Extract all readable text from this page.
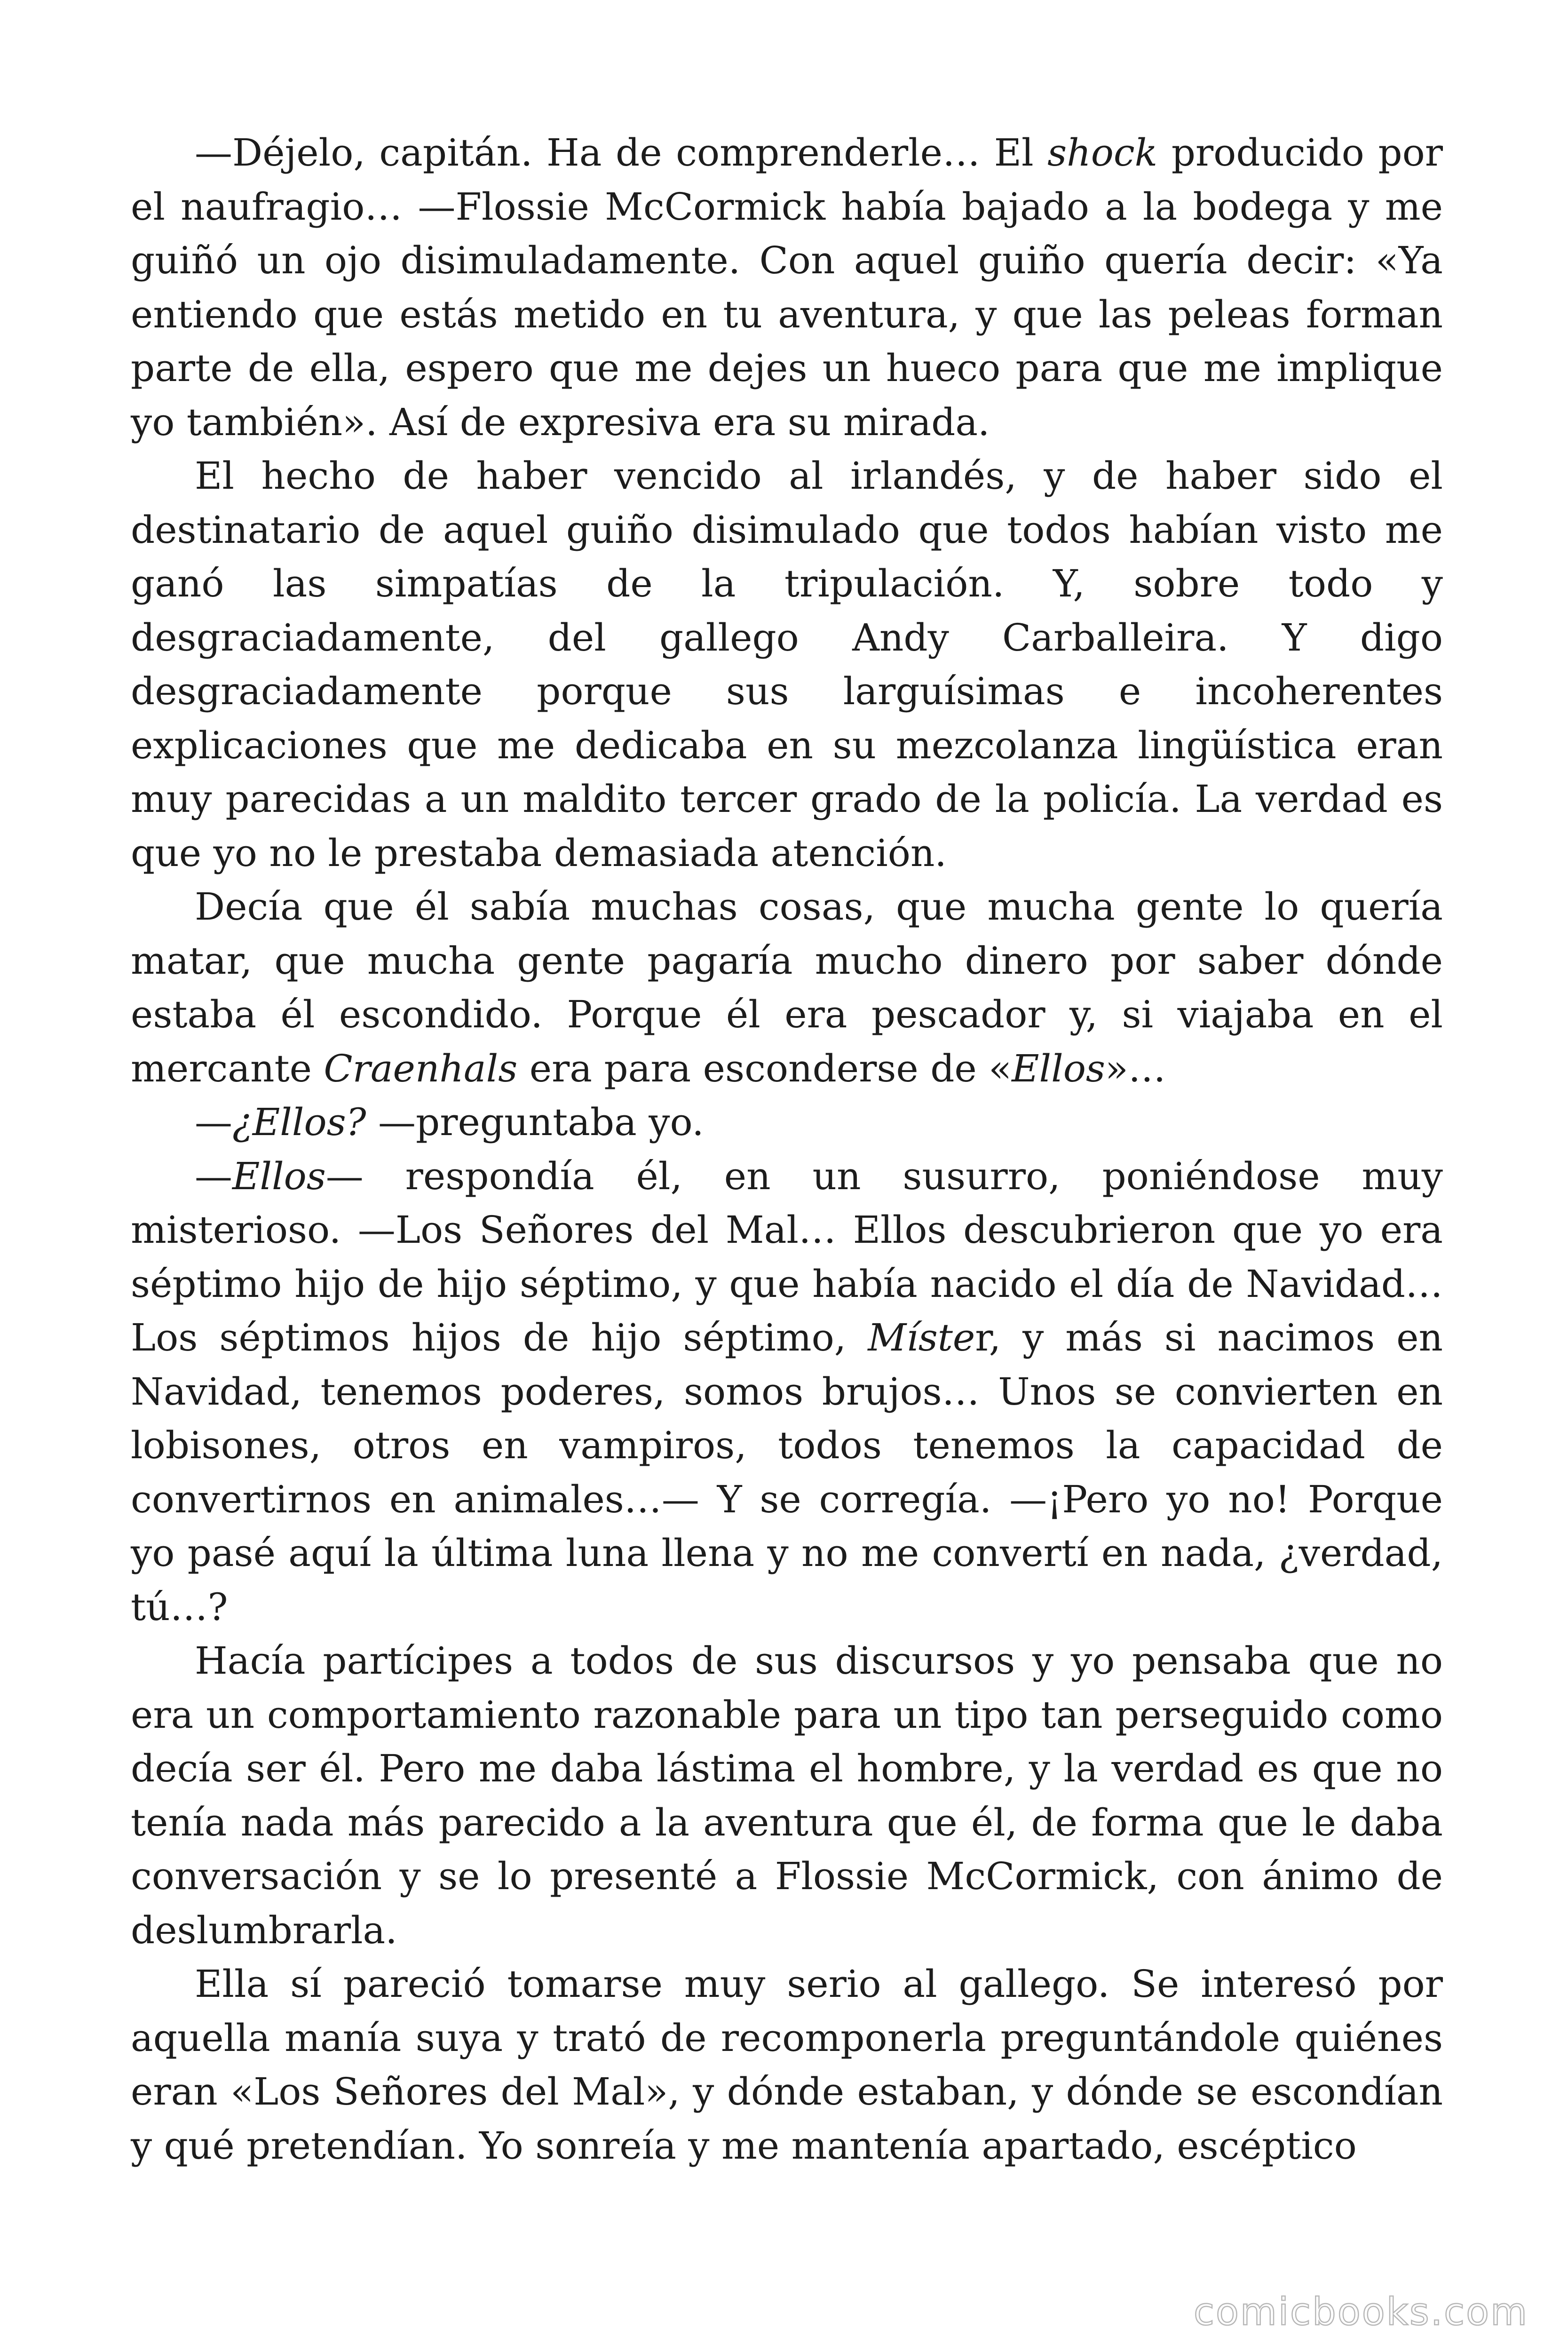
—Déjelo, capitán. Ha de comprenderle… El shock producido por el naufragio… —Flossie McCormick había bajado a la bodega y me guiñó un ojo disimuladamente. Con aquel guiño quería decir: «Ya entiendo que estás metido en tu aventura, y que las peleas forman parte de ella, espero que me dejes un hueco para que me implique yo también». Así de expresiva era su mirada.

El hecho de haber vencido al irlandés, y de haber sido el destinatario de aquel guiño disimulado que todos habían visto me ganó las simpatías de la tripulación. Y, sobre todo y desgraciadamente, del gallego Andy Carballeira. Y digo desgraciadamente porque sus larguísimas e incoherentes explicaciones que me dedicaba en su mezcolanza lingüística eran muy parecidas a un maldito tercer grado de la policía. La verdad es que yo no le prestaba demasiada atención.

Decía que él sabía muchas cosas, que mucha gente lo quería matar, que mucha gente pagaría mucho dinero por saber dónde estaba él escondido. Porque él era pescador y, si viajaba en el mercante Craenhals era para esconderse de «Ellos»…

—¿Ellos? —preguntaba yo.

—Ellos— respondía él, en un susurro, poniéndose muy misterioso. —Los Señores del Mal… Ellos descubrieron que yo era séptimo hijo de hijo séptimo, y que había nacido el día de Navidad… Los séptimos hijos de hijo séptimo, Míster, y más si nacimos en Navidad, tenemos poderes, somos brujos… Unos se convierten en lobisones, otros en vampiros, todos tenemos la capacidad de convertirnos en animales…— Y se corregía. —¡Pero yo no! Porque yo pasé aquí la última luna llena y no me convertí en nada, ¿verdad, tú…?

Hacía partícipes a todos de sus discursos y yo pensaba que no era un comportamiento razonable para un tipo tan perseguido como decía ser él. Pero me daba lástima el hombre, y la verdad es que no tenía nada más parecido a la aventura que él, de forma que le daba conversación y se lo presenté a Flossie McCormick, con ánimo de deslumbrarla.

Ella sí pareció tomarse muy serio al gallego. Se interesó por aquella manía suya y trató de recomponerla preguntándole quiénes eran «Los Señores del Mal», y dónde estaban, y dónde se escondían y qué pretendían. Yo sonreía y me mantenía apartado, escéptico

comicbooks.com
